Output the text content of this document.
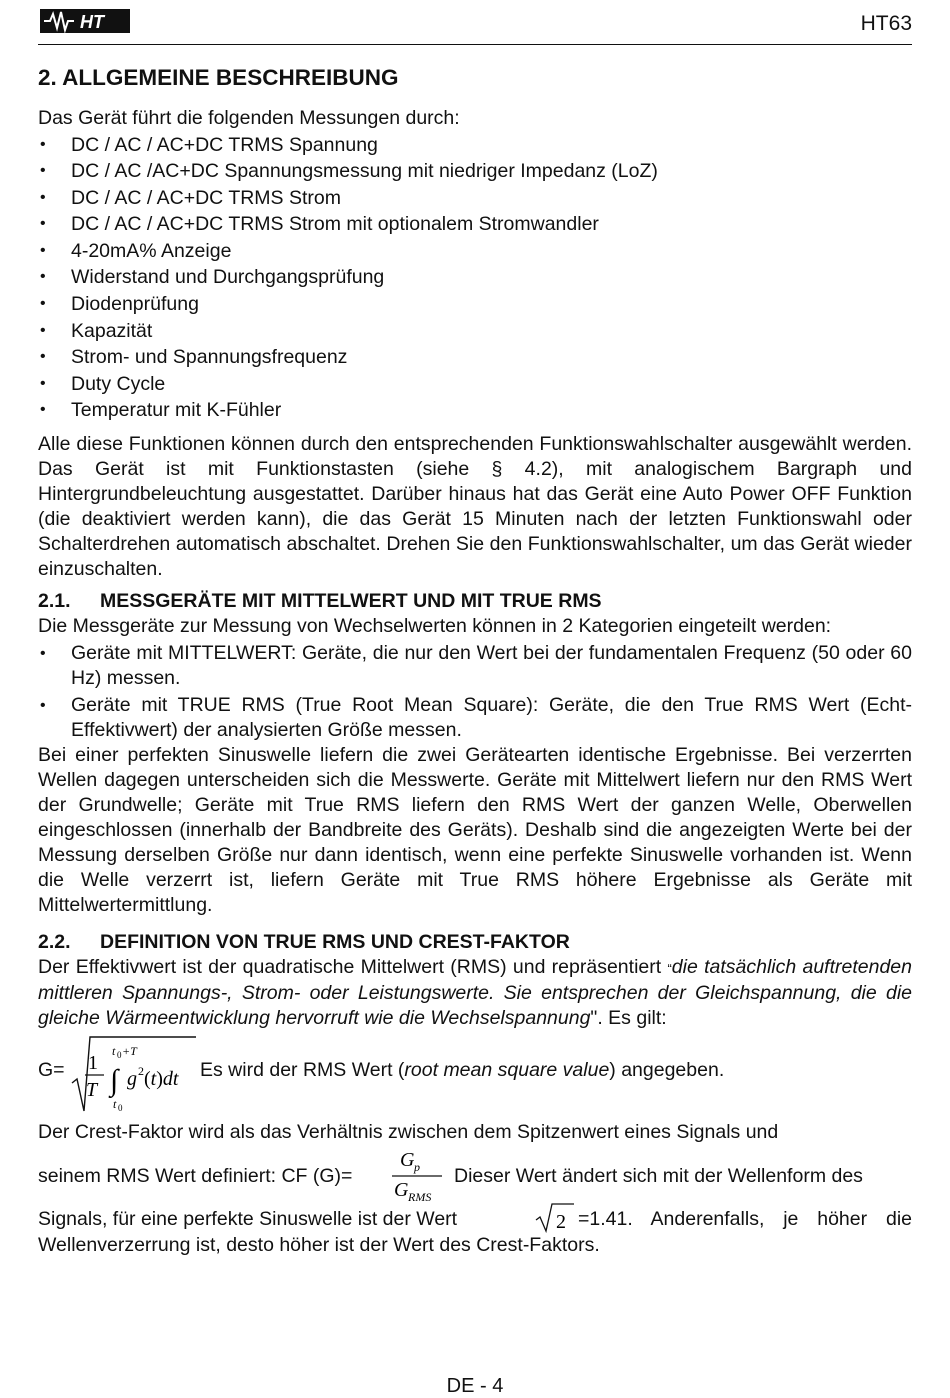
HT	HT63
2. ALLGEMEINE BESCHREIBUNG

Das Gerät führt die folgenden Messungen durch:

• DC / AC / AC+DC TRMS Spannung
• DC / AC /AC+DC Spannungsmessung mit niedriger Impedanz (LoZ)
• DC / AC / AC+DC TRMS Strom
• DC / AC / AC+DC TRMS Strom mit optionalem Stromwandler
• 4-20mA% Anzeige
• Widerstand und Durchgangsprüfung
• Diodenprüfung
• Kapazität
• Strom- und Spannungsfrequenz
• Duty Cycle
• Temperatur mit K-Fühler

Alle diese Funktionen können durch den entsprechenden Funktionswahlschalter ausgewählt werden. Das Gerät ist mit Funktionstasten (siehe § 4.2), mit analogischem Bargraph und Hintergrundbeleuchtung ausgestattet. Darüber hinaus hat das Gerät eine Auto Power OFF Funktion (die deaktiviert werden kann), die das Gerät 15 Minuten nach der letzten Funktionswahl oder Schalterdrehen automatisch abschaltet. Drehen Sie den Funktionswahlschalter, um das Gerät wieder einzuschalten.

2.1. MESSGERÄTE MIT MITTELWERT UND MIT TRUE RMS

Die Messgeräte zur Messung von Wechselwerten können in 2 Kategorien eingeteilt werden:

• Geräte mit MITTELWERT: Geräte, die nur den Wert bei der fundamentalen Frequenz (50 oder 60 Hz) messen.
• Geräte mit TRUE RMS (True Root Mean Square): Geräte, die den True RMS Wert (Echt-Effektivwert) der analysierten Größe messen.

Bei einer perfekten Sinuswelle liefern die zwei Gerätearten identische Ergebnisse. Bei verzerrten Wellen dagegen unterscheiden sich die Messwerte. Geräte mit Mittelwert liefern nur den RMS Wert der Grundwelle; Geräte mit True RMS liefern den RMS Wert der ganzen Welle, Oberwellen eingeschlossen (innerhalb der Bandbreite des Geräts). Deshalb sind die angezeigten Werte bei der Messung derselben Größe nur dann identisch, wenn eine perfekte Sinuswelle vorhanden ist. Wenn die Welle verzerrt ist, liefern Geräte mit True RMS höhere Ergebnisse als Geräte mit Mittelwertermittlung.

2.2. DEFINITION VON TRUE RMS UND CREST-FAKTOR

Der Effektivwert ist der quadratische Mittelwert (RMS) und repräsentiert “die tatsächlich auftretenden mittleren Spannungs-, Strom- oder Leistungswerte. Sie entsprechen der Gleichspannung, die die gleiche Wärmeentwicklung hervorruft wie die Wechselspannung". Es gilt:

G= 1
T
t 0 +T
∫
t 0
g 2 (t)dt Es wird der RMS Wert (root mean square value) angegeben.

Der Crest-Faktor wird als das Verhältnis zwischen dem Spitzenwert eines Signals und

seinem RMS Wert definiert: CF (G)=
G p
G RMS
Dieser Wert ändert sich mit der Wellenform des
Signals, für eine perfekte Sinuswelle ist der Wert	2 =1.41. Anderenfalls, je höher die Wellenverzerrung ist, desto höher ist der Wert des Crest-Faktors.

DE - 4
